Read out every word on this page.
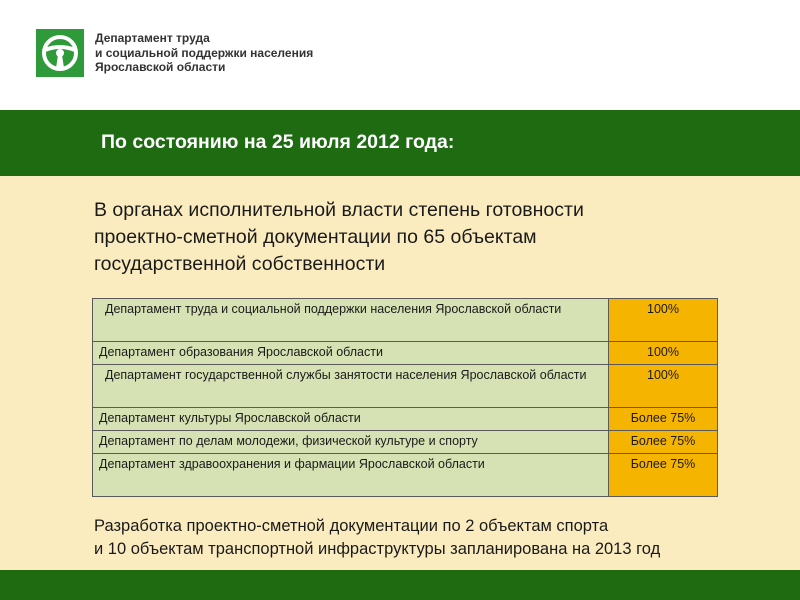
Департамент труда
и социальной поддержки населения
Ярославской области
По состоянию на 25 июля 2012 года:
В органах исполнительной власти степень готовности
проектно-сметной документации по 65 объектам
государственной собственности
Департамент труда и социальной поддержки населения Ярославской области	100%
Департамент образования Ярославской области	100%
Департамент государственной службы занятости населения Ярославской области	100%
Департамент культуры Ярославской области	Более 75%
Департамент по делам молодежи, физической культуре и спорту	Более 75%
Департамент здравоохранения и фармации Ярославской области	Более 75%
Разработка проектно-сметной документации по 2 объектам спорта
и 10 объектам транспортной инфраструктуры запланирована на 2013 год
